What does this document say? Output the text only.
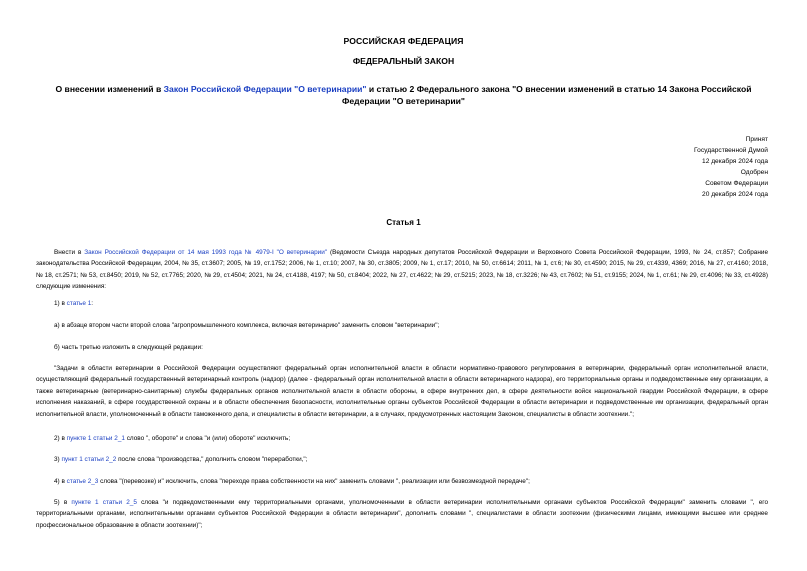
РОССИЙСКАЯ ФЕДЕРАЦИЯ
ФЕДЕРАЛЬНЫЙ ЗАКОН
О внесении изменений в Закон Российской Федерации "О ветеринарии" и статью 2 Федерального закона "О внесении изменений в статью 14 Закона Российской Федерации "О ветеринарии"
Принят
Государственной Думой
12 декабря 2024 года
Одобрен
Советом Федерации
20 декабря 2024 года
Статья 1
Внести в Закон Российской Федерации от 14 мая 1993 года № 4979-I "О ветеринарии" (Ведомости Съезда народных депутатов Российской Федерации и Верховного Совета Российской Федерации, 1993, № 24, ст.857; Собрание законодательства Российской Федерации, 2004, № 35, ст.3607; 2005, № 19, ст.1752; 2006, № 1, ст.10; 2007, № 30, ст.3805; 2009, № 1, ст.17; 2010, № 50, ст.6614; 2011, № 1, ст.6; № 30, ст.4590; 2015, № 29, ст.4339, 4369; 2016, № 27, ст.4160; 2018, № 18, ст.2571; № 53, ст.8450; 2019, № 52, ст.7765; 2020, № 29, ст.4504; 2021, № 24, ст.4188, 4197; № 50, ст.8404; 2022, № 27, ст.4622; № 29, ст.5215; 2023, № 18, ст.3226; № 43, ст.7602; № 51, ст.9155; 2024, № 1, ст.61; № 29, ст.4096; № 33, ст.4928) следующие изменения:
1) в статье 1:
а) в абзаце втором части второй слова "агропромышленного комплекса, включая ветеринарию" заменить словом "ветеринарии";
б) часть третью изложить в следующей редакции:
"Задачи в области ветеринарии в Российской Федерации осуществляют федеральный орган исполнительной власти в области нормативно-правового регулирования в ветеринарии, федеральный орган исполнительной власти, осуществляющий федеральный государственный ветеринарный контроль (надзор) (далее - федеральный орган исполнительной власти в области ветеринарного надзора), его территориальные органы и подведомственные ему организации, а также ветеринарные (ветеринарно-санитарные) службы федеральных органов исполнительной власти в области обороны, в сфере внутренних дел, в сфере деятельности войск национальной гвардии Российской Федерации, в сфере исполнения наказаний, в сфере государственной охраны и в области обеспечения безопасности, исполнительные органы субъектов Российской Федерации в области ветеринарии и подведомственные им организации, федеральный орган исполнительной власти, уполномоченный в области таможенного дела, и специалисты в области ветеринарии, а в случаях, предусмотренных настоящим Законом, специалисты в области зоотехнии.";
2) в пункте 1 статьи 2_1 слово ", обороте" и слова "и (или) обороте" исключить;
3) пункт 1 статьи 2_2 после слова "производства," дополнить словом "переработки,";
4) в статье 2_3 слова "(перевозке) и" исключить, слова "переходе права собственности на них" заменить словами ", реализации или безвозмездной передаче";
5) в пункте 1 статьи 2_5 слова "и подведомственными ему территориальными органами, уполномоченными в области ветеринарии исполнительными органами субъектов Российской Федерации" заменить словами ", его территориальными органами, исполнительными органами субъектов Российской Федерации в области ветеринарии", дополнить словами ", специалистами в области зоотехнии (физическими лицами, имеющими высшее или среднее профессиональное образование в области зоотехнии)";
